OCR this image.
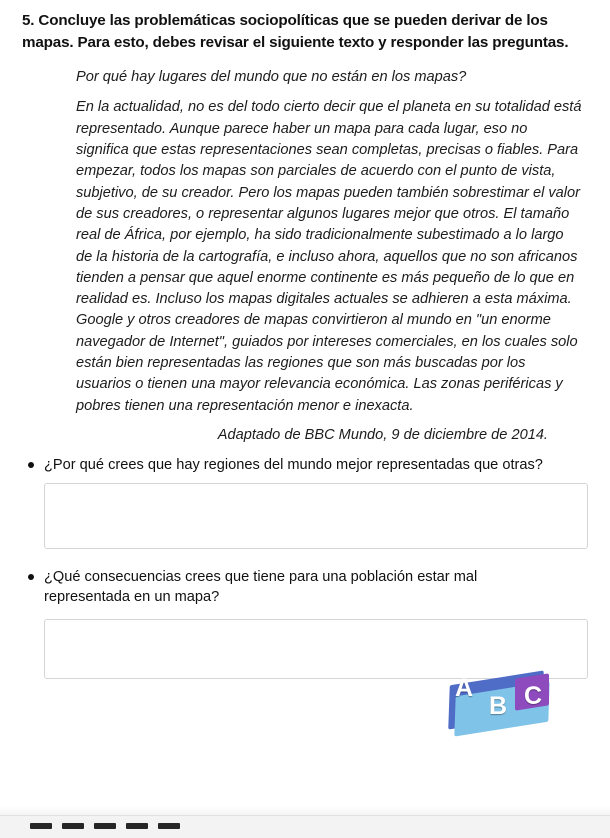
5. Concluye las problemáticas sociopolíticas que se pueden derivar de los mapas. Para esto, debes revisar el siguiente texto y responder las preguntas.
Por qué hay lugares del mundo que no están en los mapas?

En la actualidad, no es del todo cierto decir que el planeta en su totalidad está representado. Aunque parece haber un mapa para cada lugar, eso no significa que estas representaciones sean completas, precisas o fiables. Para empezar, todos los mapas son parciales de acuerdo con el punto de vista, subjetivo, de su creador. Pero los mapas pueden también sobrestimar el valor de sus creadores, o representar algunos lugares mejor que otros. El tamaño real de África, por ejemplo, ha sido tradicionalmente subestimado a lo largo de la historia de la cartografía, e incluso ahora, aquellos que no son africanos tienden a pensar que aquel enorme continente es más pequeño de lo que en realidad es. Incluso los mapas digitales actuales se adhieren a esta máxima. Google y otros creadores de mapas convirtieron al mundo en "un enorme navegador de Internet", guiados por intereses comerciales, en los cuales solo están bien representadas las regiones que son más buscadas por los usuarios o tienen una mayor relevancia económica. Las zonas periféricas y pobres tienen una representación menor e inexacta.

Adaptado de BBC Mundo, 9 de diciembre de 2014.
¿Por qué crees que hay regiones del mundo mejor representadas que otras?
¿Qué consecuencias crees que tiene para una población estar mal representada en un mapa?
A
B C
